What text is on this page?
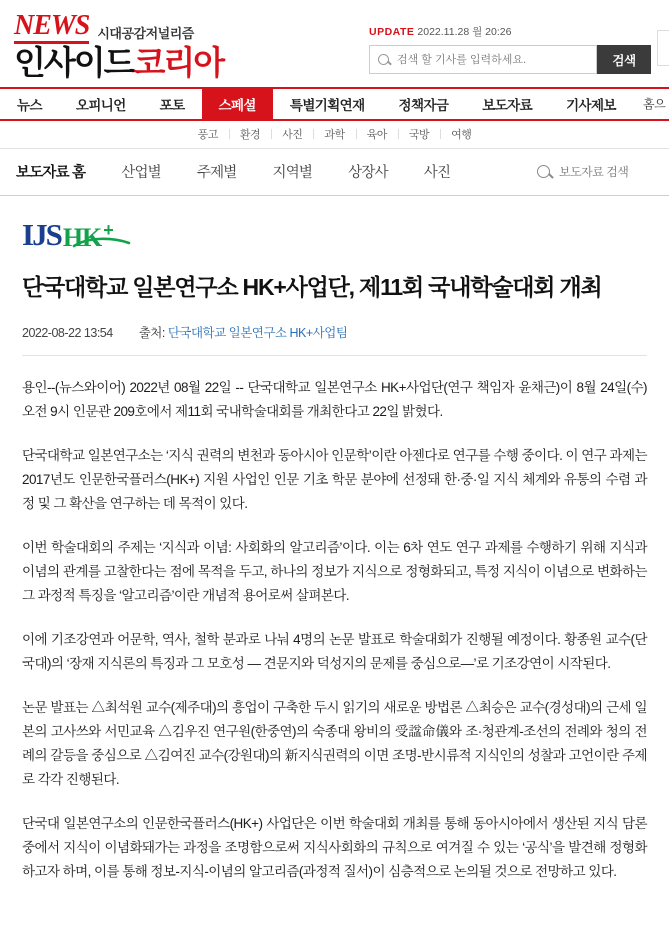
NEWS 시대공감저널리즘
인사이드코리아
UPDATE 2022.11.28 월 20:26
검색 할 기사를 입력하세요.
검색
뉴스	오피니언	포토	스페셜	특별기획연재	정책자금	보도자료	기사제보	홈으
풍고	환경	사진	과학	육아	국방	여행
보도자료 홈	산업별	주제별	지역별	상장사	사진
보도자료 검색
IJS HK +
단국대학교 일본연구소 HK+사업단, 제11회 국내학술대회 개최
2022-08-22 13:54 출처: 단국대학교 일본연구소 HK+사업팀

용인--(뉴스와이어) 2022년 08월 22일 -- 단국대학교 일본연구소 HK+사업단(연구 책임자 윤채근)이 8월 24일(수) 오전 9시 인문관 209호에서 제11회 국내학술대회를 개최한다고 22일 밝혔다.

단국대학교 일본연구소는 ‘지식 권력의 변천과 동아시아 인문학’이란 아젠다로 연구를 수행 중이다. 이 연구 과제는 2017년도 인문한국플러스(HK+) 지원 사업인 인문 기초 학문 분야에 선정돼 한·중·일 지식 체계와 유통의 수렴 과정 및 그 확산을 연구하는 데 목적이 있다.

이번 학술대회의 주제는 ‘지식과 이념: 사회화의 알고리즘’이다. 이는 6차 연도 연구 과제를 수행하기 위해 지식과 이념의 관계를 고찰한다는 점에 목적을 두고, 하나의 정보가 지식으로 정형화되고, 특정 지식이 이념으로 변화하는 그 과정적 특징을 ‘알고리즘’이란 개념적 용어로써 살펴본다.

이에 기조강연과 어문학, 역사, 철학 분과로 나눠 4명의 논문 발표로 학술대회가 진행될 예정이다. 황종원 교수(단국대)의 ‘장재 지식론의 특징과 그 모호성 — 견문지와 덕성지의 문제를 중심으로—’로 기조강연이 시작된다.

논문 발표는 △최석원 교수(제주대)의 흥업이 구축한 두시 읽기의 새로운 방법론 △최승은 교수(경성대)의 근세 일본의 고사쓰와 서민교육 △김우진 연구원(한중연)의 숙종대 왕비의 受諡命儀와 조·청관계-조선의 전례와 청의 전례의 갈등을 중심으로 △김여진 교수(강원대)의 新지식권력의 이면 조명-반시류적 지식인의 성찰과 고언이란 주제로 각각 진행된다.

단국대 일본연구소의 인문한국플러스(HK+) 사업단은 이번 학술대회 개최를 통해 동아시아에서 생산된 지식 담론 중에서 지식이 이념화돼가는 과정을 조명함으로써 지식사회화의 규칙으로 여겨질 수 있는 ‘공식’을 발견해 정형화하고자 하며, 이를 통해 정보-지식-이념의 알고리즘(과정적 질서)이 심층적으로 논의될 것으로 전망하고 있다.
